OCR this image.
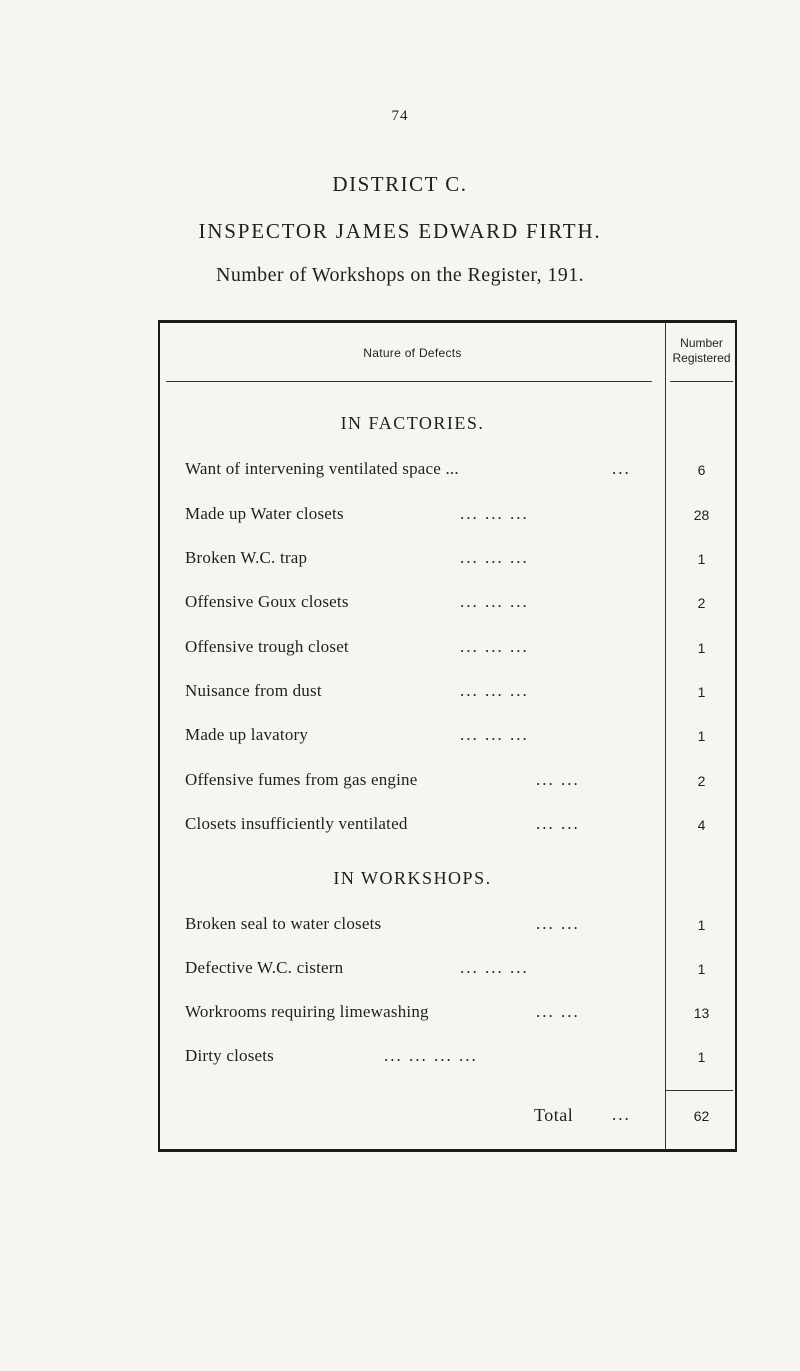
74
DISTRICT C.
INSPECTOR JAMES EDWARD FIRTH.
Number of Workshops on the Register, 191.
Nature of Defects
Number
Registered
IN FACTORIES.
Want of intervening ventilated space ...	...	6
Made up Water closets	... ... ...	28
Broken W.C. trap	... ... ...	1
Offensive Goux closets	... ... ...	2
Offensive trough closet	... ... ...	1
Nuisance from dust	... ... ...	1
Made up lavatory	... ... ...	1
Offensive fumes from gas engine	... ...	2
Closets insufficiently ventilated	... ...	4
IN WORKSHOPS.
Broken seal to water closets	... ...	1
Defective W.C. cistern	... ... ...	1
Workrooms requiring limewashing	... ...	13
Dirty closets	... ... ... ...	1
Total ...	62
